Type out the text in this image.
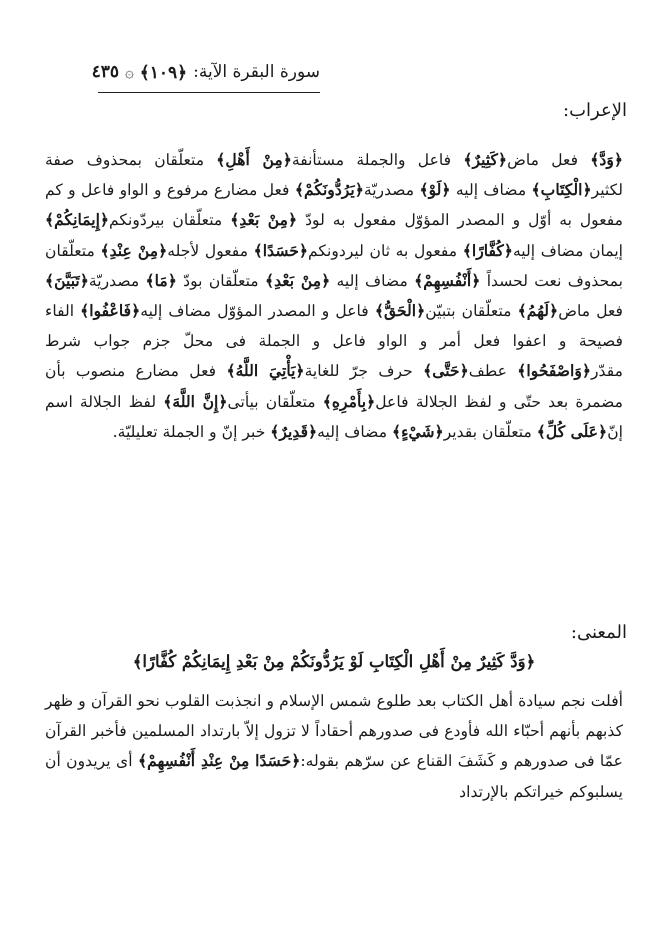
سورة البقرة الآية:
﴿١٠٩﴾
۞
٤٣٥
الإعراب:
﴿وَدَّ﴾ فعل ماض﴿كَثِيرٌ﴾ فاعل والجملة مستأنفة﴿مِنْ أَهْلِ﴾ متعلّقان بمحذوف صفة لكثير﴿الْكِتَابِ﴾ مضاف إليه ﴿لَوْ﴾ مصدريّة﴿يَرُدُّونَكُمْ﴾ فعل مضارع مرفوع و الواو فاعل و كم مفعول به أوّل و المصدر المؤوّل مفعول به لودّ ﴿مِنْ بَعْدِ﴾ متعلّقان بيردّونكم﴿إِيمَانِكُمْ﴾ إيمان مضاف إليه﴿كُفَّارًا﴾ مفعول به ثان ليردونكم﴿حَسَدًا﴾ مفعول لأجله﴿مِنْ عِنْدِ﴾ متعلّقان بمحذوف نعت لحسداً ﴿أَنْفُسِهِمْ﴾ مضاف إليه ﴿مِنْ بَعْدِ﴾ متعلّقان بودّ ﴿مَا﴾ مصدريّة﴿تَبَيَّنَ﴾ فعل ماض﴿لَهُمُ﴾ متعلّقان بتبيّن﴿الْحَقُّ﴾ فاعل و المصدر المؤوّل مضاف إليه﴿فَاعْفُوا﴾ الفاء فصيحة و اعفوا فعل أمر و الواو فاعل و الجملة فى محلّ جزم جواب شرط مقدّر﴿وَاصْفَحُوا﴾ عطف﴿حَتَّى﴾ حرف جرّ للغاية﴿يَأْتِيَ اللَّهُ﴾ فعل مضارع منصوب بأن مضمرة بعد حتّى و لفظ الجلالة فاعل﴿بِأَمْرِهِ﴾ متعلّقان بيأتى﴿إِنَّ اللَّهَ﴾ لفظ الجلالة اسم إنّ﴿عَلَى كُلِّ﴾ متعلّقان بقدير﴿شَيْءٍ﴾ مضاف إليه﴿قَدِيرٌ﴾ خبر إنّ و الجملة تعليليّة.
المعنى:
﴿وَدَّ كَثِيرٌ مِنْ أَهْلِ الْكِتَابِ لَوْ يَرُدُّونَكُمْ مِنْ بَعْدِ إِيمَانِكُمْ كُفَّارًا﴾
أفلت نجم سيادة أهل الكتاب بعد طلوع شمس الإسلام و انجذبت القلوب نحو القرآن و ظهر كذبهم بأنهم أحبّاء الله فأودع فى صدورهم أحقاداً لا تزول إلاّ بارتداد المسلمين فأخبر القرآن عمّا فى صدورهم و كَشَفَ القناع عن سرّهم بقوله:﴿حَسَدًا مِنْ عِنْدِ أَنْفُسِهِمْ﴾ أى يريدون أن يسلبوكم خيراتكم بالإرتداد
